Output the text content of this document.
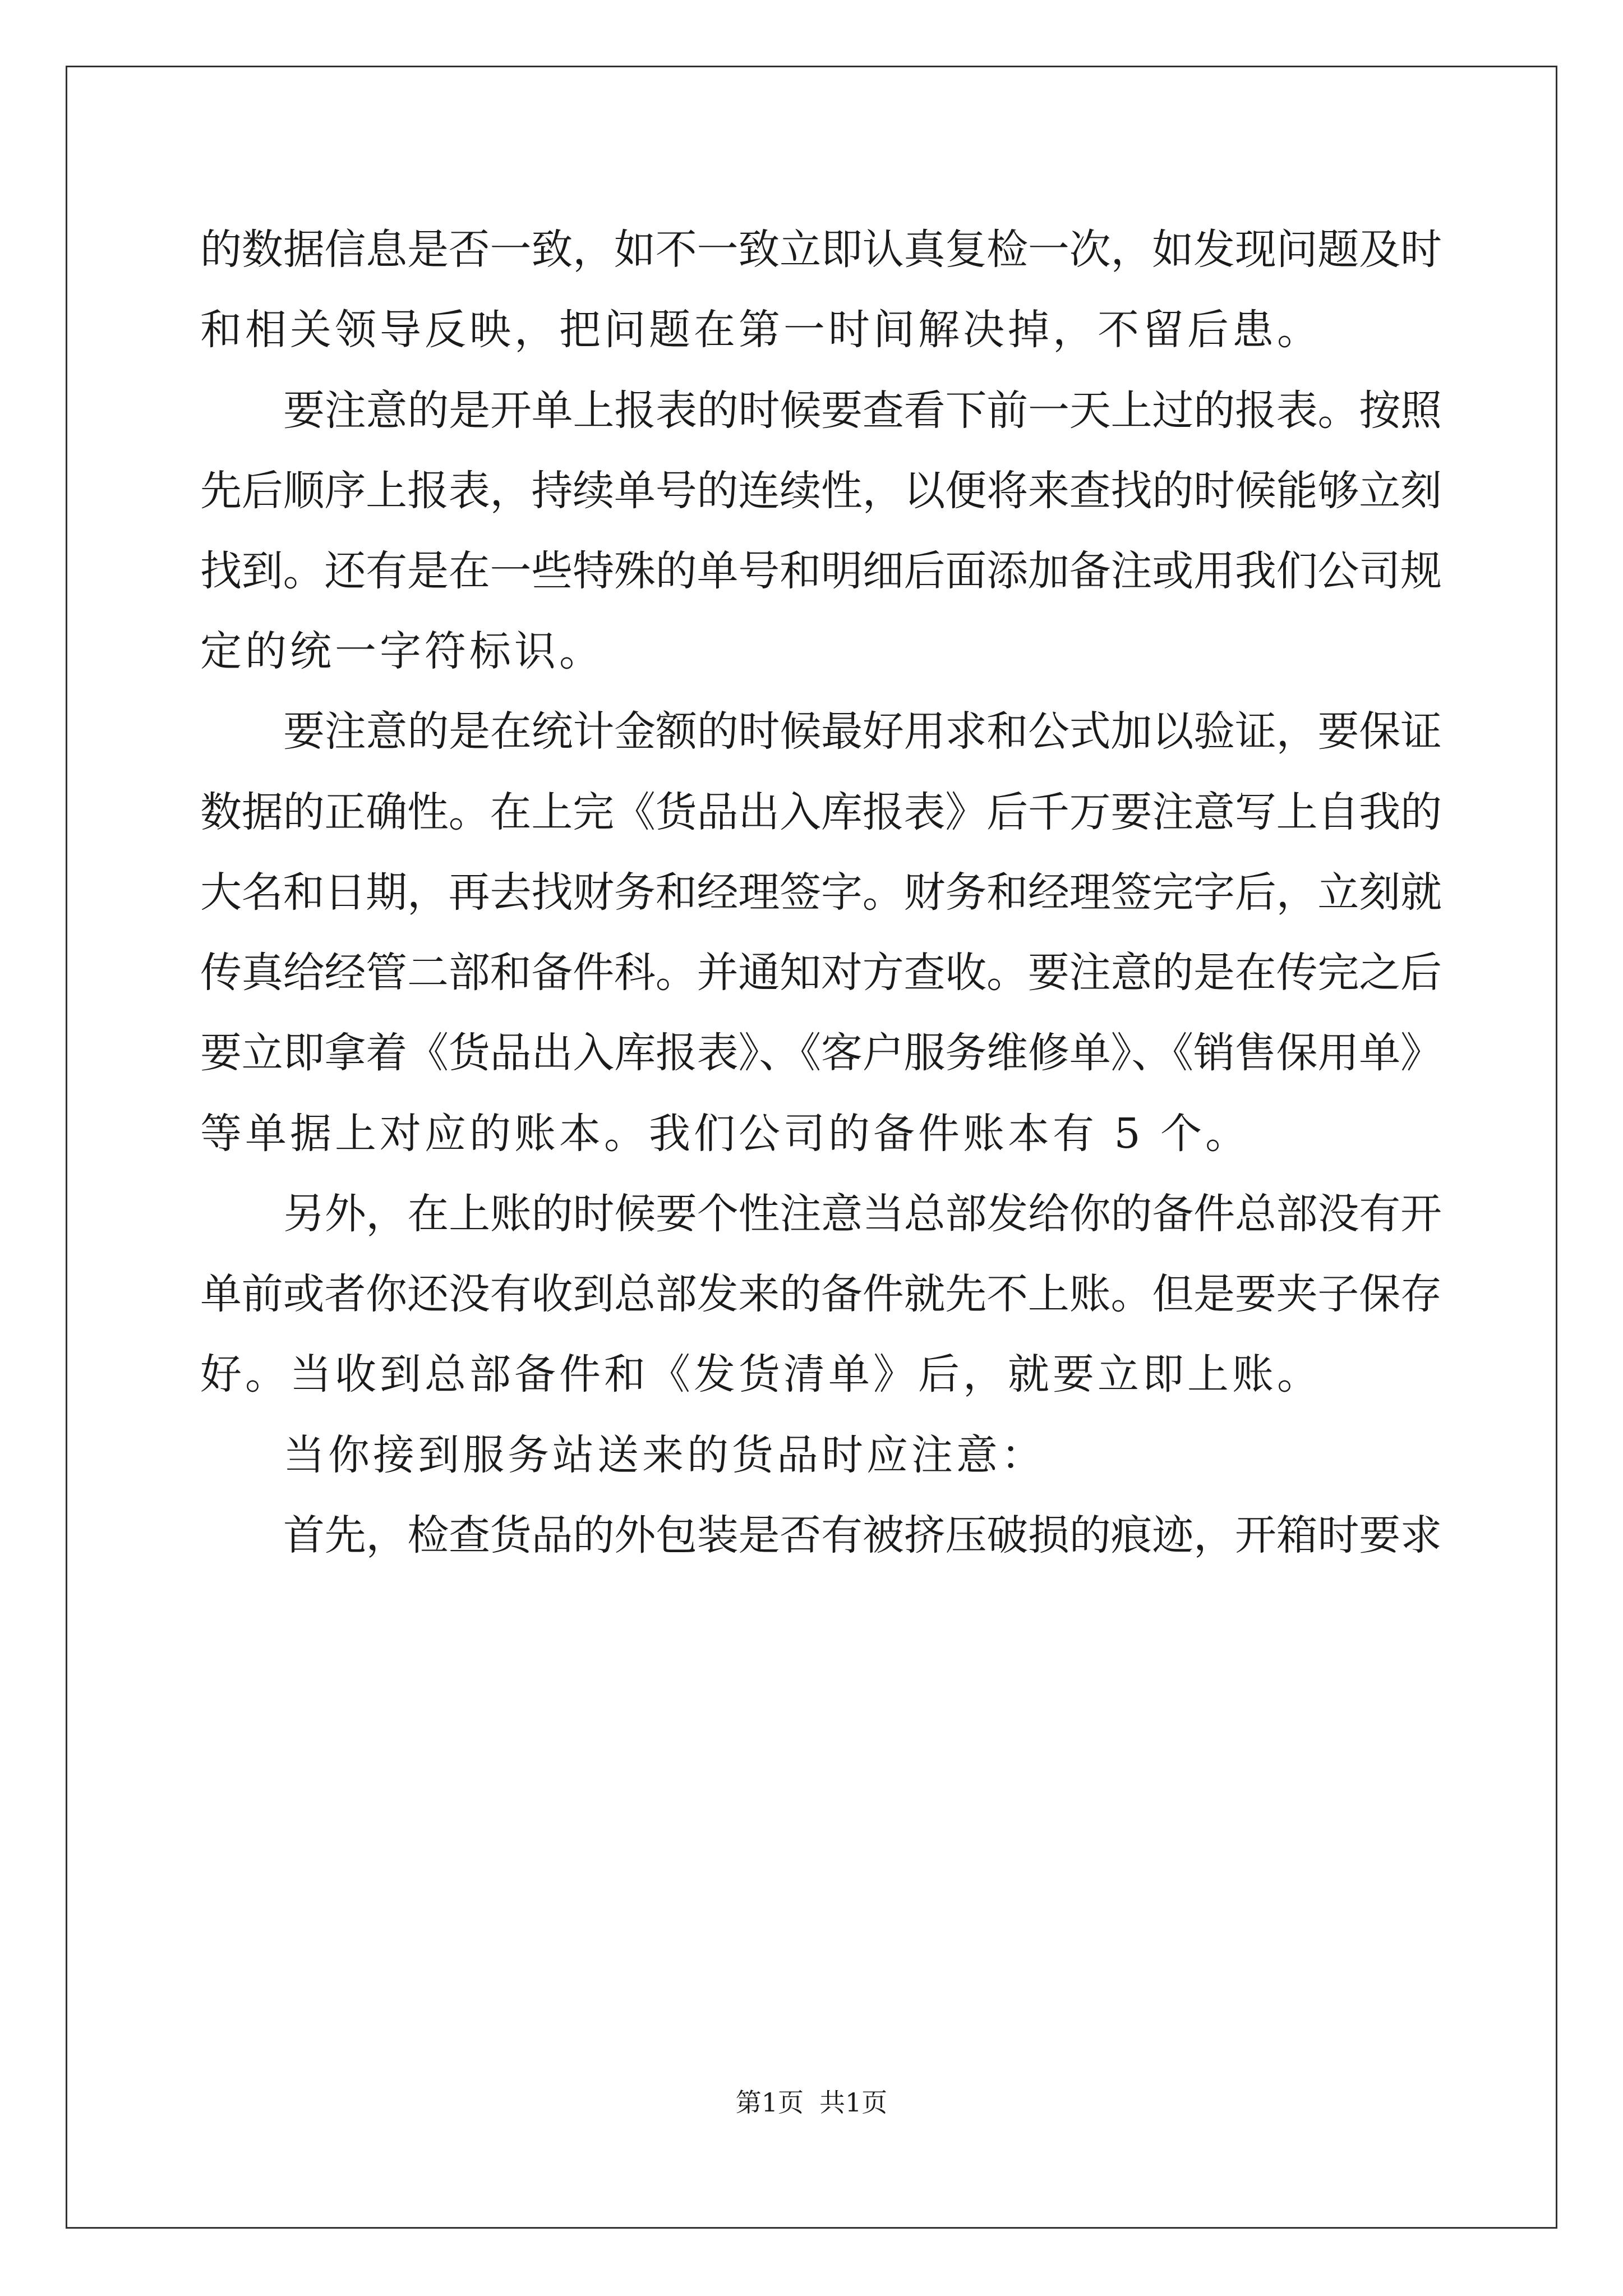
的数据信息是否一致，如不一致立即认真复检一次，如发现问题及时
和相关领导反映，把问题在第一时间解决掉，不留后患。
要注意的是开单上报表的时候要查看下前一天上过的报表。按照
先后顺序上报表，持续单号的连续性，以便将来查找的时候能够立刻
找到。还有是在一些特殊的单号和明细后面添加备注或用我们公司规
定的统一字符标识。
要注意的是在统计金额的时候最好用求和公式加以验证，要保证
数据的正确性。在上完《货品出入库报表》后千万要注意写上自我的
大名和日期，再去找财务和经理签字。财务和经理签完字后，立刻就
传真给经管二部和备件科。并通知对方查收。要注意的是在传完之后
要立即拿着《货品出入库报表》、《客户服务维修单》、《销售保用单》
等单据上对应的账本。我们公司的备件账本有 5 个。
另外，在上账的时候要个性注意当总部发给你的备件总部没有开
单前或者你还没有收到总部发来的备件就先不上账。但是要夹子保存
好。当收到总部备件和《发货清单》后，就要立即上账。
当你接到服务站送来的货品时应注意：
首先，检查货品的外包装是否有被挤压破损的痕迹，开箱时要求
第1页 共1页
